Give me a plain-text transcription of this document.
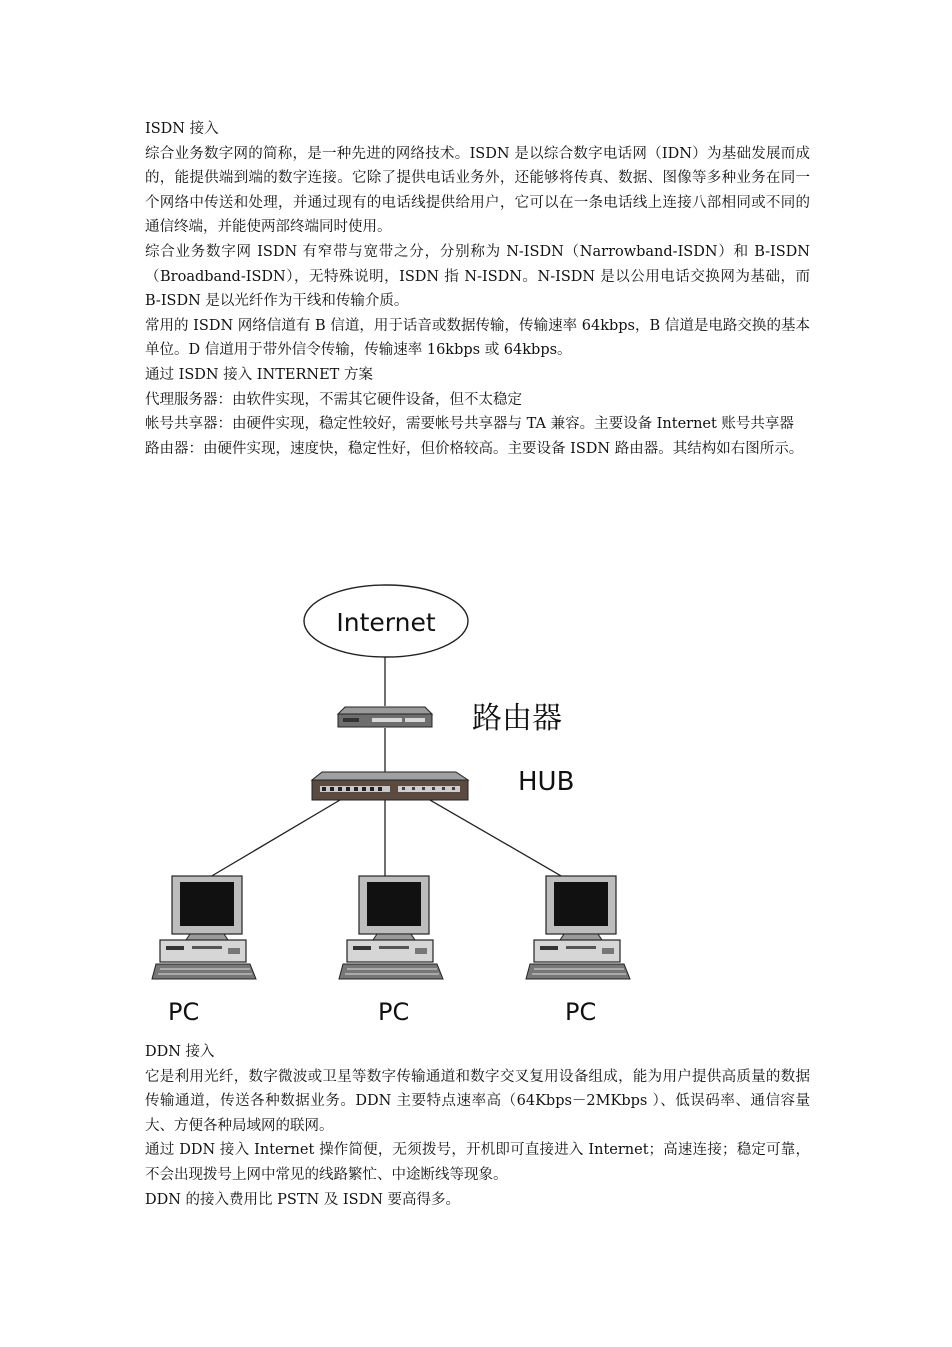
ISDN 接入

综合业务数字网的简称，是一种先进的网络技术。ISDN 是以综合数字电话网（IDN）为基础发展而成的，能提供端到端的数字连接。它除了提供电话业务外，还能够将传真、数据、图像等多种业务在同一个网络中传送和处理，并通过现有的电话线提供给用户，它可以在一条电话线上连接八部相同或不同的通信终端，并能使两部终端同时使用。

综合业务数字网 ISDN 有窄带与宽带之分，分别称为 N-ISDN（Narrowband-ISDN）和 B-ISDN（Broadband-ISDN），无特殊说明，ISDN 指 N-ISDN。N-ISDN 是以公用电话交换网为基础，而 B-ISDN 是以光纤作为干线和传输介质。

常用的 ISDN 网络信道有 B 信道，用于话音或数据传输，传输速率 64kbps，B 信道是电路交换的基本单位。D 信道用于带外信令传输，传输速率 16kbps 或 64kbps。

通过 ISDN 接入 INTERNET 方案

代理服务器：由软件实现，不需其它硬件设备，但不太稳定

帐号共享器：由硬件实现，稳定性较好，需要帐号共享器与 TA 兼容。主要设备 Internet 账号共享器

路由器：由硬件实现，速度快，稳定性好，但价格较高。主要设备 ISDN 路由器。其结构如右图所示。

Internet
路由器
HUB
PC	PC	PC

DDN 接入

它是利用光纤，数字微波或卫星等数字传输通道和数字交叉复用设备组成，能为用户提供高质量的数据传输通道，传送各种数据业务。DDN 主要特点速率高（64Kbps－2MKbps ）、低误码率、通信容量大、方便各种局域网的联网。

通过 DDN 接入 Internet 操作简便，无须拨号，开机即可直接进入 Internet；高速连接；稳定可靠，不会出现拨号上网中常见的线路繁忙、中途断线等现象。

DDN 的接入费用比 PSTN 及 ISDN 要高得多。
